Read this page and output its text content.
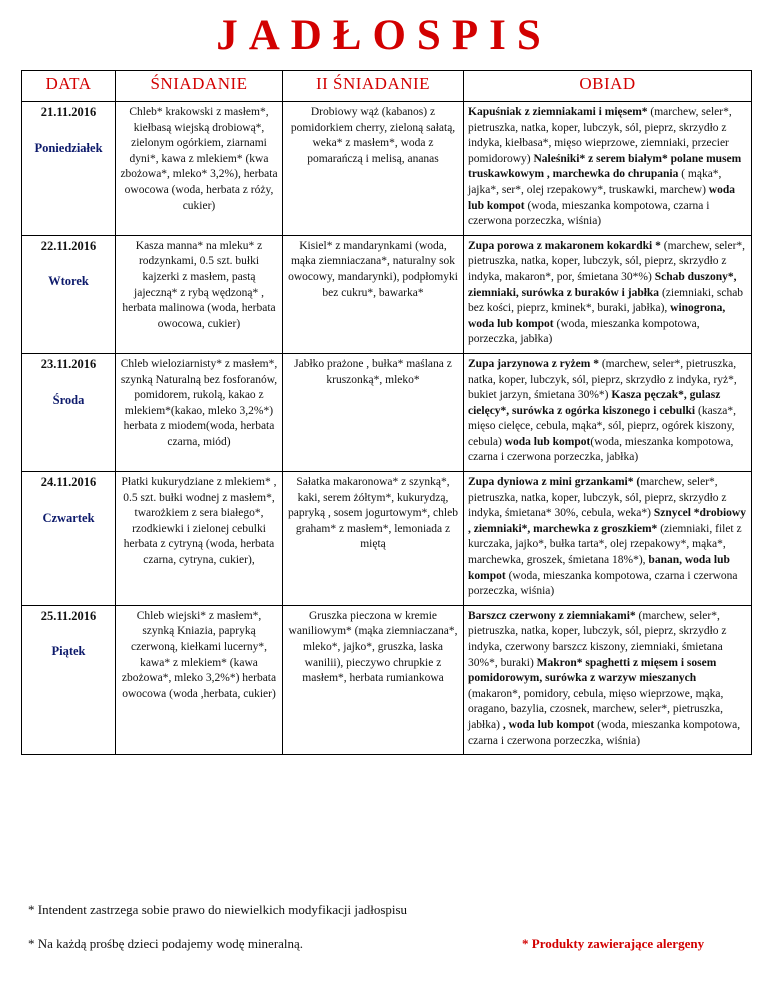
JADŁOSPIS
DATA	ŚNIADANIE	II ŚNIADANIE	OBIAD

21.11.2016
Poniedziałek	Chleb* krakowski z masłem*, kiełbasą wiejską drobiową*, zielonym ogórkiem, ziarnami dyni*, kawa z mlekiem* (kwa zbożowa*, mleko* 3,2%), herbata owocowa (woda, herbata z róży, cukier)	Drobiowy wąż (kabanos) z pomidorkiem cherry, zieloną sałatą, weka* z masłem*, woda z pomarańczą i melisą, ananas	Kapuśniak z ziemniakami i mięsem* (marchew, seler*, pietruszka, natka, koper, lubczyk, sól, pieprz, skrzydło z indyka, kiełbasa*, mięso wieprzowe, ziemniaki, przecier pomidorowy) Naleśniki* z serem białym* polane musem truskawkowym , marchewka do chrupania ( mąka*, jajka*, ser*, olej rzepakowy*, truskawki, marchew) woda lub kompot (woda, mieszanka kompotowa, czarna i czerwona porzeczka, wiśnia)

22.11.2016
Wtorek	Kasza manna* na mleku* z rodzynkami, 0.5 szt. bułki kajzerki z masłem, pastą jajeczną* z rybą wędzoną* , herbata malinowa (woda, herbata owocowa, cukier)	Kisiel* z mandarynkami (woda, mąka ziemniaczana*, naturalny sok owocowy, mandarynki), podpłomyki bez cukru*, bawarka*	Zupa porowa z makaronem kokardki * (marchew, seler*, pietruszka, natka, koper, lubczyk, sól, pieprz, skrzydło z indyka, makaron*, por, śmietana 30*%) Schab duszony*, ziemniaki, surówka z buraków i jabłka (ziemniaki, schab bez kości, pieprz, kminek*, buraki, jabłka), winogrona, woda lub kompot (woda, mieszanka kompotowa, porzeczka, jabłka)

23.11.2016
Środa	Chleb wieloziarnisty* z masłem*, szynką Naturalną bez fosforanów, pomidorem, rukolą, kakao z mlekiem*(kakao, mleko 3,2%*) herbata z miodem(woda, herbata czarna, miód)	Jabłko prażone , bułka* maślana z kruszonką*, mleko*	Zupa jarzynowa z ryżem * (marchew, seler*, pietruszka, natka, koper, lubczyk, sól, pieprz, skrzydło z indyka, ryż*, bukiet jarzyn, śmietana 30%*) Kasza pęczak*, gulasz cielęcy*, surówka z ogórka kiszonego i cebulki (kasza*, mięso cielęce, cebula, mąka*, sól, pieprz, ogórek kiszony, cebula) woda lub kompot(woda, mieszanka kompotowa, czarna i czerwona porzeczka, jabłka)

24.11.2016
Czwartek	Płatki kukurydziane z mlekiem* , 0.5 szt. bułki wodnej z masłem*, twarożkiem z sera białego*, rzodkiewki i zielonej cebulki herbata z cytryną (woda, herbata czarna, cytryna, cukier),	Sałatka makaronowa* z szynką*, kaki, serem żółtym*, kukurydzą, papryką , sosem jogurtowym*, chleb graham* z masłem*, lemoniada z miętą	Zupa dyniowa z mini grzankami* (marchew, seler*, pietruszka, natka, koper, lubczyk, sól, pieprz, skrzydło z indyka, śmietana* 30%, cebula, weka*) Sznycel *drobiowy , ziemniaki*, marchewka z groszkiem* (ziemniaki, filet z kurczaka, jajko*, bułka tarta*, olej rzepakowy*, mąka*, marchewka, groszek, śmietana 18%*), banan, woda lub kompot (woda, mieszanka kompotowa, czarna i czerwona porzeczka, wiśnia)

25.11.2016
Piątek	Chleb wiejski* z masłem*, szynką Kniazia, papryką czerwoną, kiełkami lucerny*, kawa* z mlekiem* (kawa zbożowa*, mleko 3,2%*) herbata owocowa (woda ,herbata, cukier)	Gruszka pieczona w kremie waniliowym* (mąka ziemniaczana*, mleko*, jajko*, gruszka, laska wanilii), pieczywo chrupkie z masłem*, herbata rumiankowa	Barszcz czerwony z ziemniakami* (marchew, seler*, pietruszka, natka, koper, lubczyk, sól, pieprz, skrzydło z indyka, czerwony barszcz kiszony, ziemniaki, śmietana 30%*, buraki) Makron* spaghetti z mięsem i sosem pomidorowym, surówka z warzyw mieszanych (makaron*, pomidory, cebula, mięso wieprzowe, mąka, oragano, bazylia, czosnek, marchew, seler*, pietruszka, jabłka) , woda lub kompot (woda, mieszanka kompotowa, czarna i czerwona porzeczka, wiśnia)
* Intendent zastrzega sobie prawo do niewielkich modyfikacji jadłospisu
* Na każdą prośbę dzieci podajemy wodę mineralną.	* Produkty zawierające alergeny
